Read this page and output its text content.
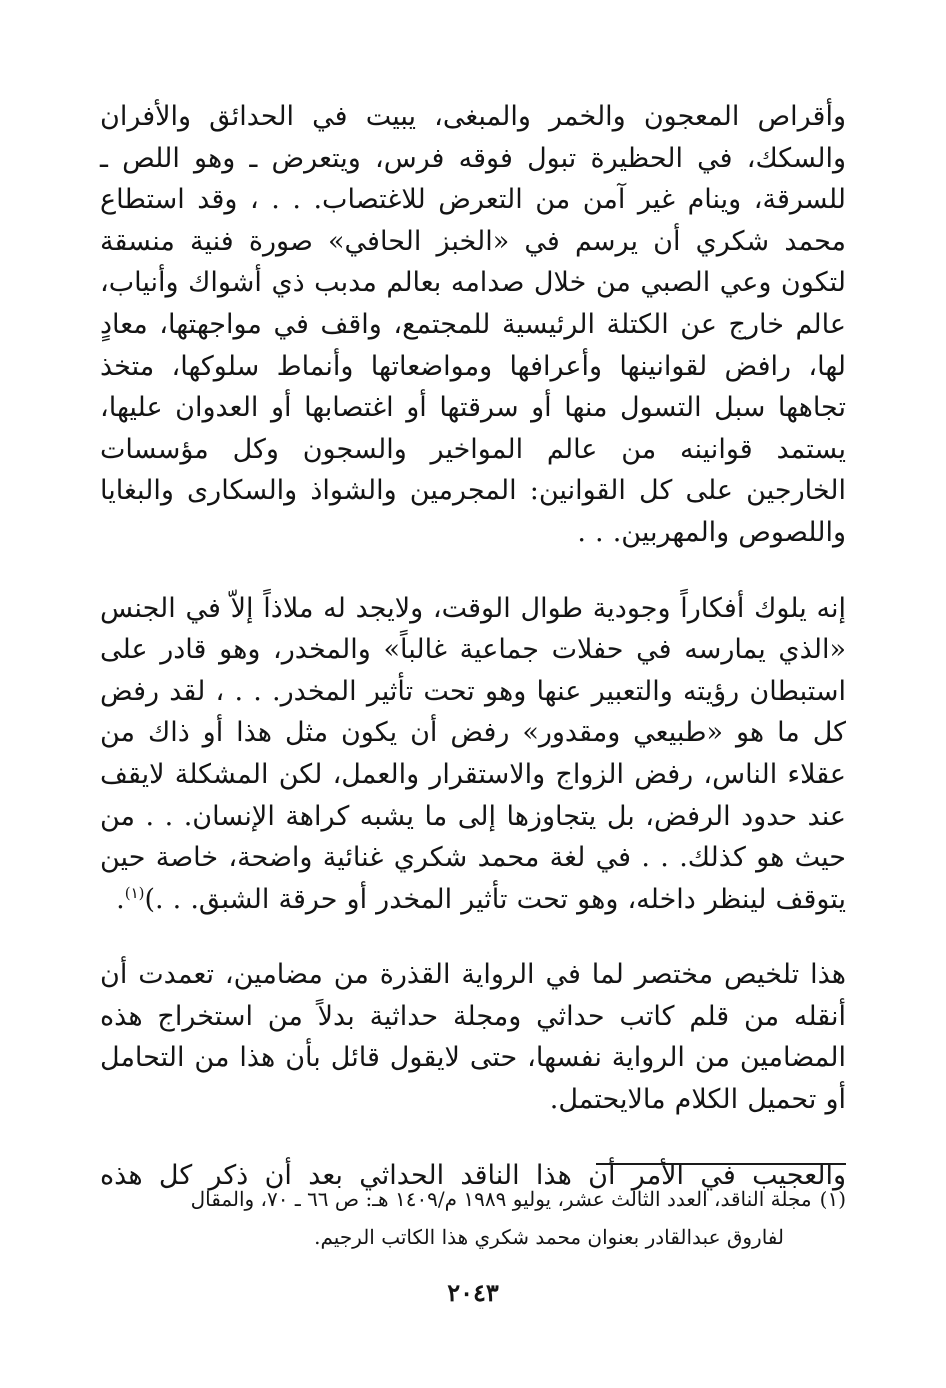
وأقراص المعجون والخمر والمبغى، يبيت في الحدائق والأفران والسكك، في الحظيرة تبول فوقه فرس، ويتعرض ـ وهو اللص ـ للسرقة، وينام غير آمن من التعرض للاغتصاب. . . ، وقد استطاع محمد شكري أن يرسم في «الخبز الحافي» صورة فنية منسقة لتكون وعي الصبي من خلال صدامه بعالم مدبب ذي أشواك وأنياب، عالم خارج عن الكتلة الرئيسية للمجتمع، واقف في مواجهتها، معادٍ لها، رافض لقوانينها وأعرافها ومواضعاتها وأنماط سلوكها، متخذ تجاهها سبل التسول منها أو سرقتها أو اغتصابها أو العدوان عليها، يستمد قوانينه من عالم المواخير والسجون وكل مؤسسات الخارجين على كل القوانين: المجرمين والشواذ والسكارى والبغايا واللصوص والمهربين. . .

إنه يلوك أفكاراً وجودية طوال الوقت، ولايجد له ملاذاً إلاّ في الجنس «الذي يمارسه في حفلات جماعية غالباً» والمخدر، وهو قادر على استبطان رؤيته والتعبير عنها وهو تحت تأثير المخدر. . . ، لقد رفض كل ما هو «طبيعي ومقدور» رفض أن يكون مثل هذا أو ذاك من عقلاء الناس، رفض الزواج والاستقرار والعمل، لكن المشكلة لايقف عند حدود الرفض، بل يتجاوزها إلى ما يشبه كراهة الإنسان. . . من حيث هو كذلك. . . في لغة محمد شكري غنائية واضحة، خاصة حين يتوقف لينظر داخله، وهو تحت تأثير المخدر أو حرقة الشبق. . .)$^{(١)}$.

هذا تلخيص مختصر لما في الرواية القذرة من مضامين، تعمدت أن أنقله من قلم كاتب حداثي ومجلة حداثية بدلاً من استخراج هذه المضامين من الرواية نفسها، حتى لايقول قائل بأن هذا من التحامل أو تحميل الكلام مالايحتمل.

والعجيب في الأمر أن هذا الناقد الحداثي بعد أن ذكر كل هذه

(١)مجلة الناقد، العدد الثالث عشر، يوليو ١٩٨٩ م/١٤٠٩ هـ: ص ٦٦ ـ ٧٠، والمقال
لفاروق عبدالقادر بعنوان محمد شكري هذا الكاتب الرجيم.

٢٠٤٣
